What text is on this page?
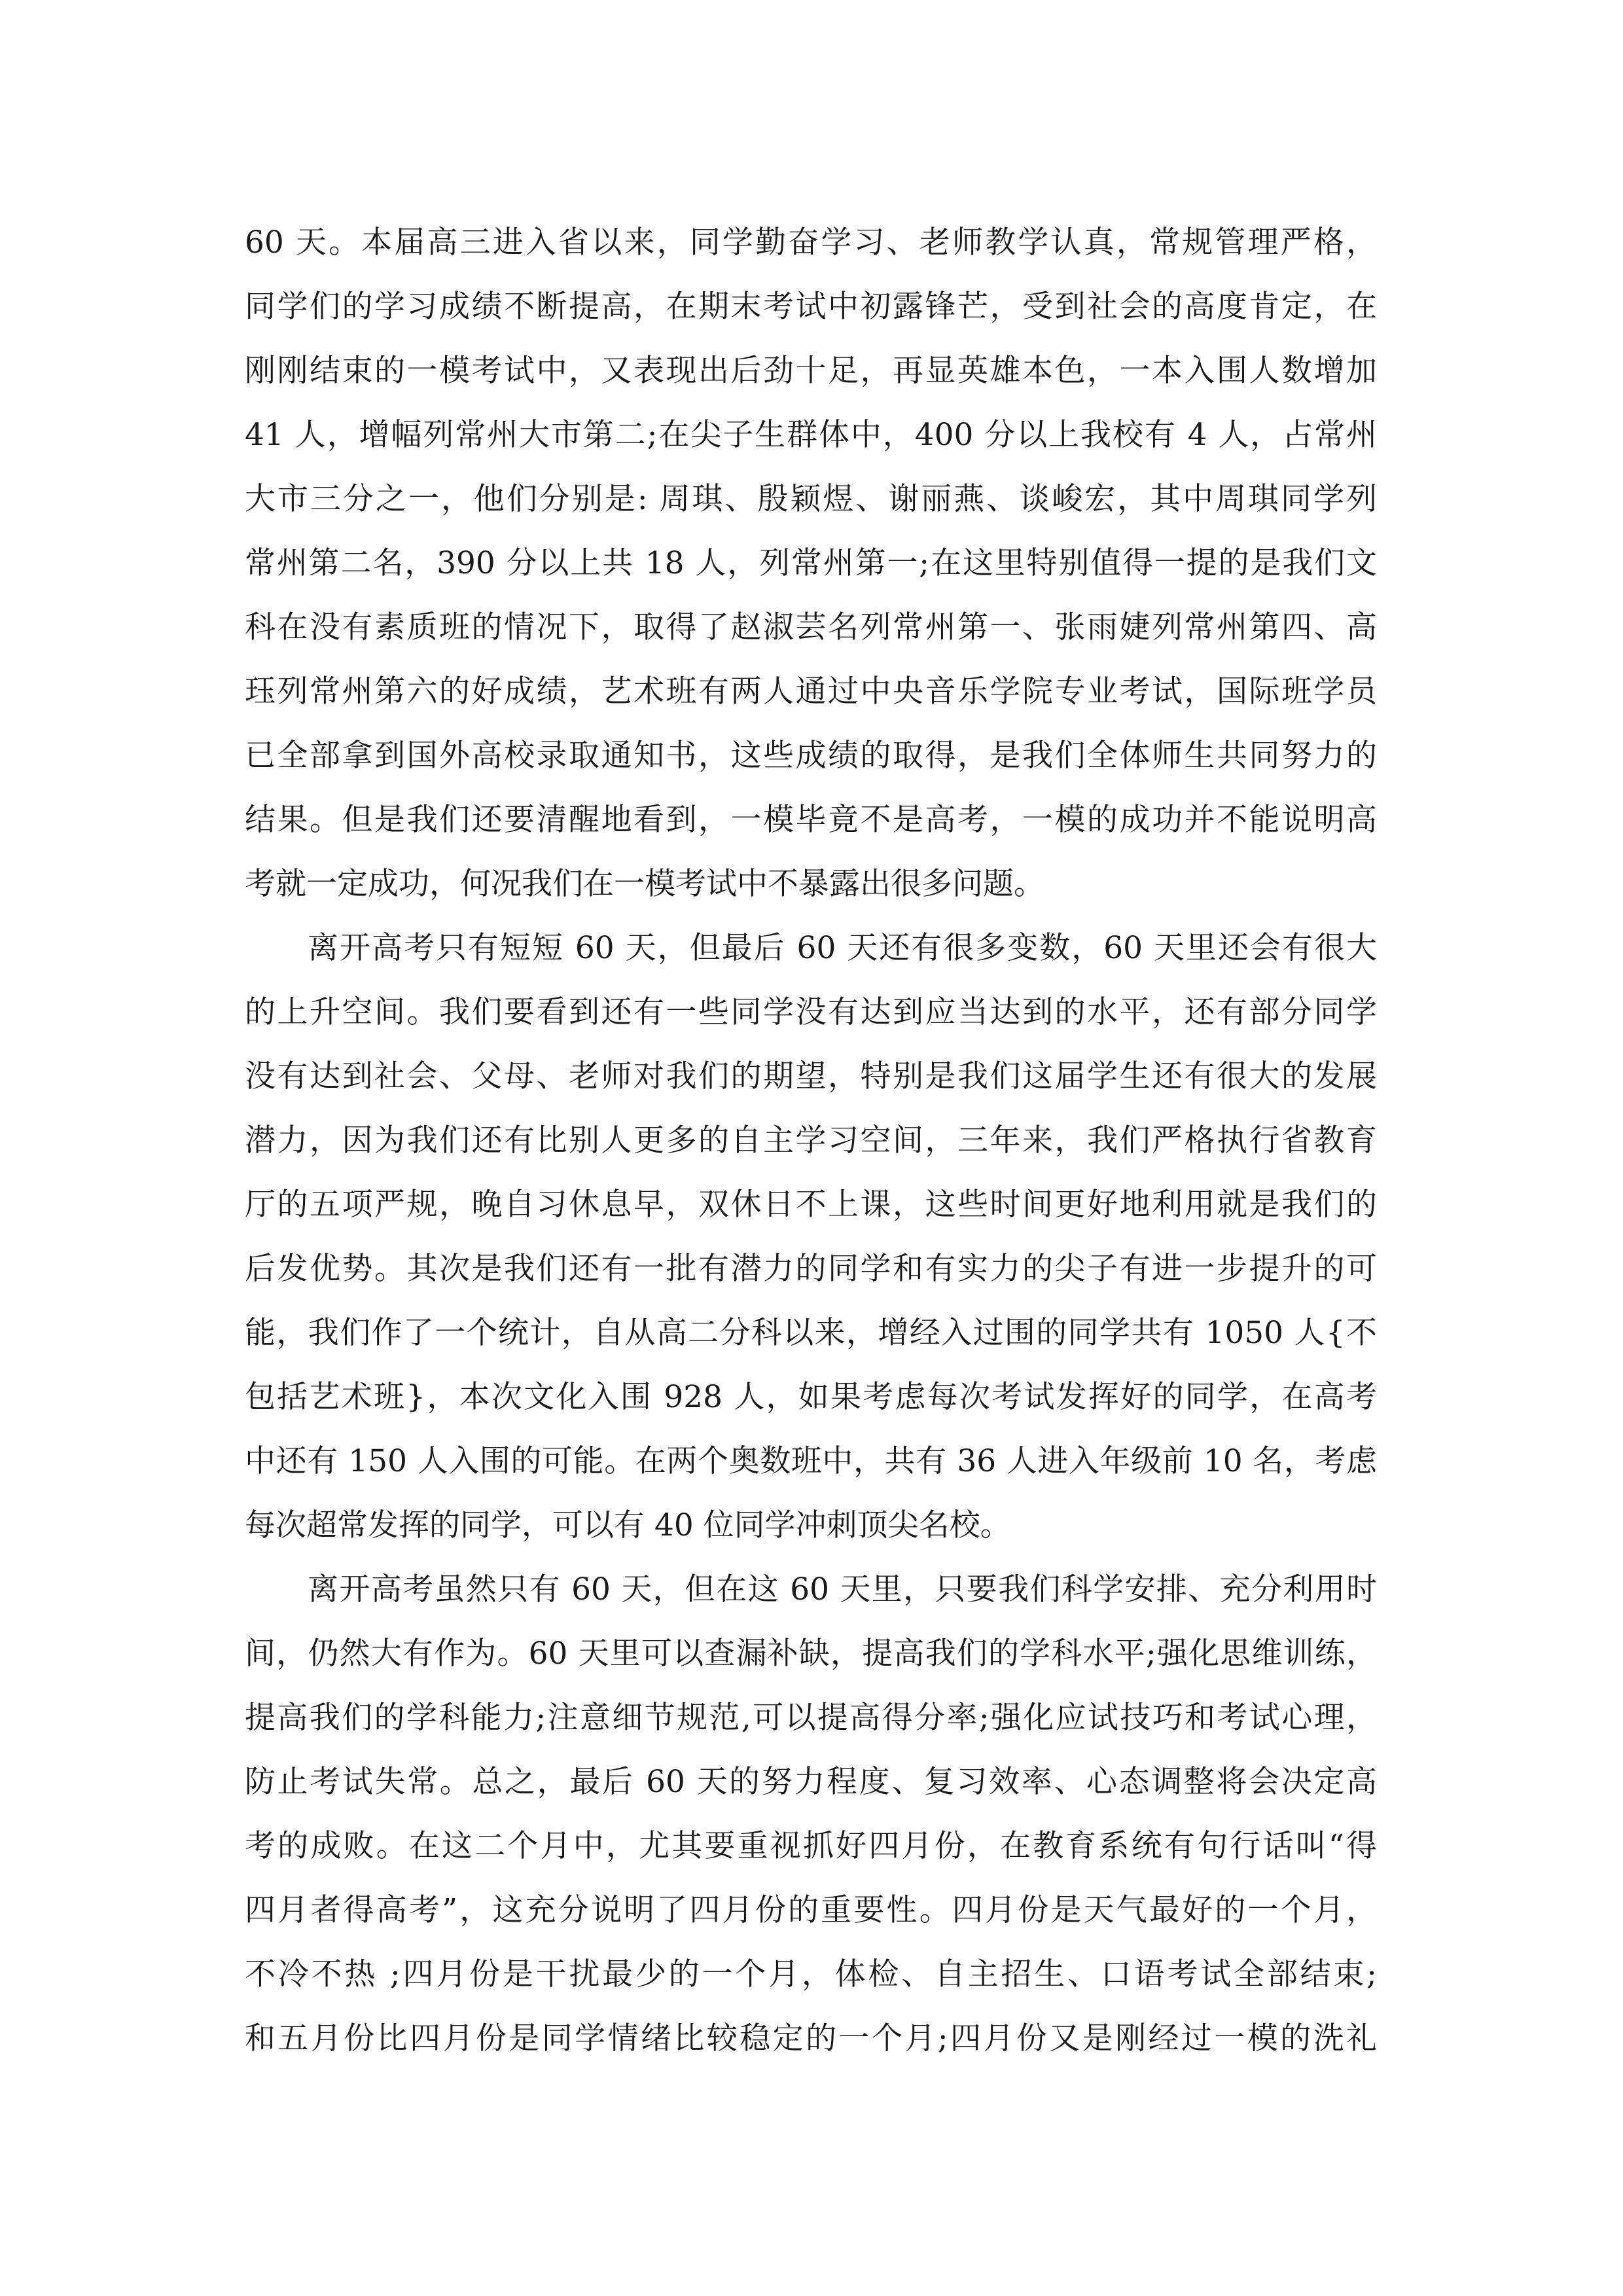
60 天。本届高三进入省以来，同学勤奋学习、老师教学认真，常规管理严格，
同学们的学习成绩不断提高，在期末考试中初露锋芒，受到社会的高度肯定，在
刚刚结束的一模考试中，又表现出后劲十足，再显英雄本色，一本入围人数增加
41 人，增幅列常州大市第二;在尖子生群体中，400 分以上我校有 4 人，占常州
大市三分之一，他们分别是: 周琪、殷颖煜、谢丽燕、谈峻宏，其中周琪同学列
常州第二名，390 分以上共 18 人，列常州第一;在这里特别值得一提的是我们文
科在没有素质班的情况下，取得了赵淑芸名列常州第一、张雨婕列常州第四、高
珏列常州第六的好成绩，艺术班有两人通过中央音乐学院专业考试，国际班学员
已全部拿到国外高校录取通知书，这些成绩的取得，是我们全体师生共同努力的
结果。但是我们还要清醒地看到，一模毕竟不是高考，一模的成功并不能说明高
考就一定成功，何况我们在一模考试中不暴露出很多问题。
离开高考只有短短 60 天，但最后 60 天还有很多变数，60 天里还会有很大
的上升空间。我们要看到还有一些同学没有达到应当达到的水平，还有部分同学
没有达到社会、父母、老师对我们的期望，特别是我们这届学生还有很大的发展
潜力，因为我们还有比别人更多的自主学习空间，三年来，我们严格执行省教育
厅的五项严规，晚自习休息早，双休日不上课，这些时间更好地利用就是我们的
后发优势。其次是我们还有一批有潜力的同学和有实力的尖子有进一步提升的可
能，我们作了一个统计，自从高二分科以来，增经入过围的同学共有 1050 人{不
包括艺术班}，本次文化入围 928 人，如果考虑每次考试发挥好的同学，在高考
中还有 150 人入围的可能。在两个奥数班中，共有 36 人进入年级前 10 名，考虑
每次超常发挥的同学，可以有 40 位同学冲刺顶尖名校。
离开高考虽然只有 60 天，但在这 60 天里，只要我们科学安排、充分利用时
间，仍然大有作为。60 天里可以查漏补缺，提高我们的学科水平;强化思维训练，
提高我们的学科能力;注意细节规范,可以提高得分率;强化应试技巧和考试心理，
防止考试失常。总之，最后 60 天的努力程度、复习效率、心态调整将会决定高
考的成败。在这二个月中，尤其要重视抓好四月份，在教育系统有句行话叫“得
四月者得高考”，这充分说明了四月份的重要性。四月份是天气最好的一个月，
不冷不热 ;四月份是干扰最少的一个月，体检、自主招生、口语考试全部结束;
和五月份比四月份是同学情绪比较稳定的一个月;四月份又是刚经过一模的洗礼
